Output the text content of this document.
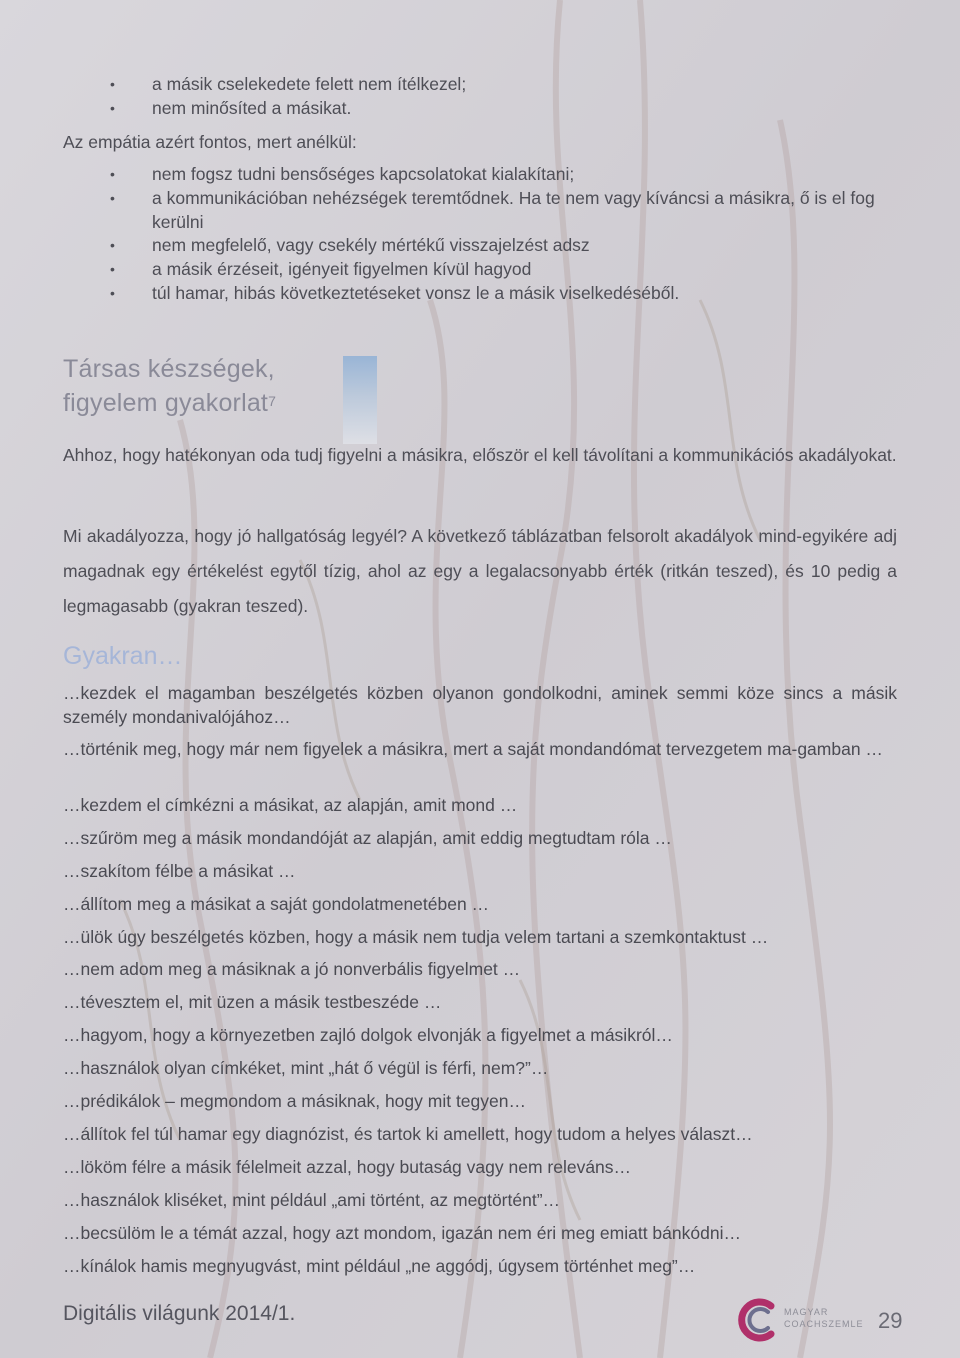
• a másik cselekedete felett nem ítélkezel;
• nem minősíted a másikat.
Az empátia azért fontos, mert anélkül:
• nem fogsz tudni bensőséges kapcsolatokat kialakítani;
• a kommunikációban nehézségek teremtődnek. Ha te nem vagy kíváncsi a másikra, ő is el fog kerülni
• nem megfelelő, vagy csekély mértékű visszajelzést adsz
• a másik érzéseit, igényeit figyelmen kívül hagyod
• túl hamar, hibás következtetéseket vonsz le a másik viselkedéséből.
Társas készségek,
figyelem gyakorlat$^7$
Ahhoz, hogy hatékonyan oda tudj figyelni a másikra, először el kell távolítani a kommunikációs akadályokat.
Mi akadályozza, hogy jó hallgatóság legyél? A következő táblázatban felsorolt akadályok mind-egyikére adj magadnak egy értékelést egytől tízig, ahol az egy a legalacsonyabb érték (ritkán teszed), és 10 pedig a legmagasabb (gyakran teszed).
Gyakran…
…kezdek el magamban beszélgetés közben olyanon gondolkodni, aminek semmi köze sincs a másik személy mondanivalójához…
…történik meg, hogy már nem figyelek a másikra, mert a saját mondandómat tervezgetem ma-gamban …
…kezdem el címkézni a másikat, az alapján, amit mond …
…szűröm meg a másik mondandóját az alapján, amit eddig megtudtam róla …
…szakítom félbe a másikat …
…állítom meg a másikat a saját gondolatmenetében …
…ülök úgy beszélgetés közben, hogy a másik nem tudja velem tartani a szemkontaktust …
…nem adom meg a másiknak a jó nonverbális figyelmet …
…tévesztem el, mit üzen a másik testbeszéde …
…hagyom, hogy a környezetben zajló dolgok elvonják a figyelmet a másikról…
…használok olyan címkéket, mint „hát ő végül is férfi, nem?”…
…prédikálok – megmondom a másiknak, hogy mit tegyen…
…állítok fel túl hamar egy diagnózist, és tartok ki amellett, hogy tudom a helyes választ…
…lököm félre a másik félelmeit azzal, hogy butaság vagy nem releváns…
…használok kliséket, mint például „ami történt, az megtörtént”…
…becsülöm le a témát azzal, hogy azt mondom, igazán nem éri meg emiatt bánkódni…
…kínálok hamis megnyugvást, mint például „ne aggódj, úgysem történhet meg”…
Digitális világunk 2014/1.	MAGYAR
COACHSZEMLE 29
